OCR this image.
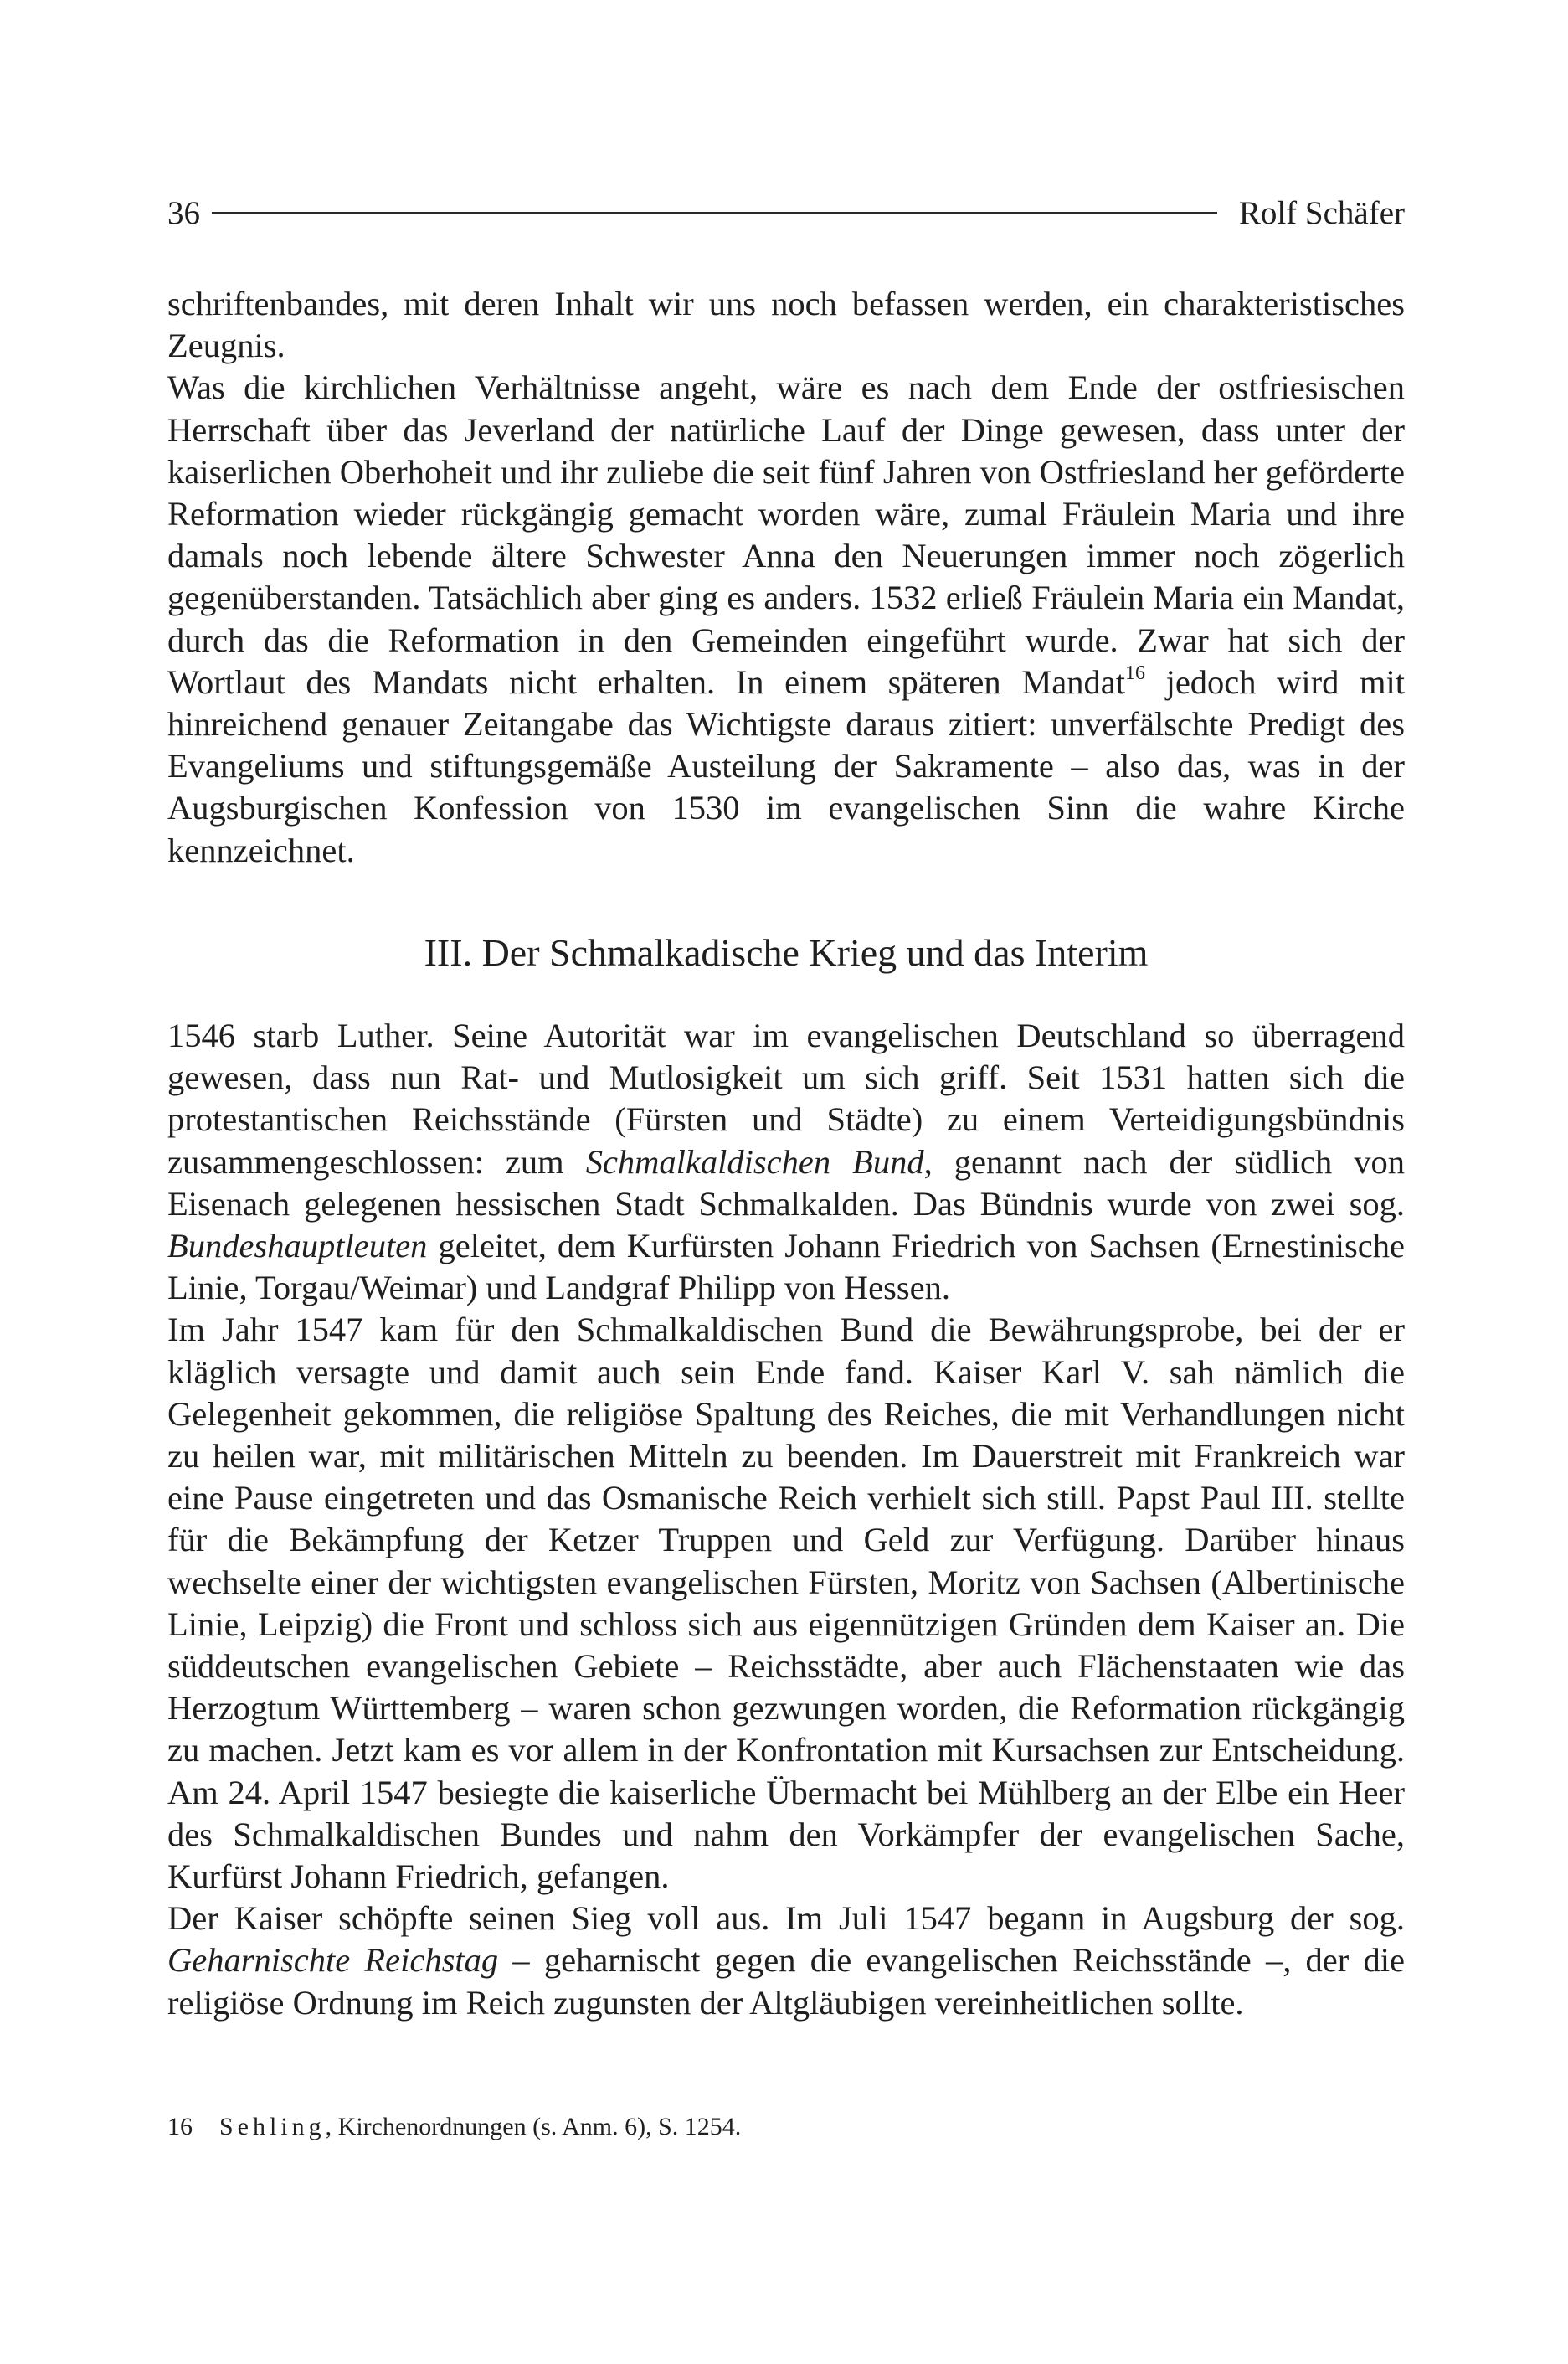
36	Rolf Schäfer

schriftenbandes, mit deren Inhalt wir uns noch befassen werden, ein charakteristisches Zeugnis.

Was die kirchlichen Verhältnisse angeht, wäre es nach dem Ende der ostfriesischen Herrschaft über das Jeverland der natürliche Lauf der Dinge gewesen, dass unter der kaiserlichen Oberhoheit und ihr zuliebe die seit fünf Jahren von Ostfriesland her geförderte Reformation wieder rückgängig gemacht worden wäre, zumal Fräulein Maria und ihre damals noch lebende ältere Schwester Anna den Neuerungen immer noch zögerlich gegenüberstanden. Tatsächlich aber ging es anders. 1532 erließ Fräulein Maria ein Mandat, durch das die Reformation in den Gemeinden eingeführt wurde. Zwar hat sich der Wortlaut des Mandats nicht erhalten. In einem späteren Mandat$^{16}$ jedoch wird mit hinreichend genauer Zeitangabe das Wichtigste daraus zitiert: unverfälschte Predigt des Evangeliums und stiftungsgemäße Austeilung der Sakramente – also das, was in der Augsburgischen Konfession von 1530 im evangelischen Sinn die wahre Kirche kennzeichnet.

III. Der Schmalkadische Krieg und das Interim

1546 starb Luther. Seine Autorität war im evangelischen Deutschland so überragend gewesen, dass nun Rat- und Mutlosigkeit um sich griff. Seit 1531 hatten sich die protestantischen Reichsstände (Fürsten und Städte) zu einem Verteidigungsbündnis zusammengeschlossen: zum Schmalkaldischen Bund, genannt nach der südlich von Eisenach gelegenen hessischen Stadt Schmalkalden. Das Bündnis wurde von zwei sog. Bundeshauptleuten geleitet, dem Kurfürsten Johann Friedrich von Sachsen (Ernestinische Linie, Torgau/Weimar) und Landgraf Philipp von Hessen.

Im Jahr 1547 kam für den Schmalkaldischen Bund die Bewährungsprobe, bei der er kläglich versagte und damit auch sein Ende fand. Kaiser Karl V. sah nämlich die Gelegenheit gekommen, die religiöse Spaltung des Reiches, die mit Verhandlungen nicht zu heilen war, mit militärischen Mitteln zu beenden. Im Dauerstreit mit Frankreich war eine Pause eingetreten und das Osmanische Reich verhielt sich still. Papst Paul III. stellte für die Bekämpfung der Ketzer Truppen und Geld zur Verfügung. Darüber hinaus wechselte einer der wichtigsten evangelischen Fürsten, Moritz von Sachsen (Albertinische Linie, Leipzig) die Front und schloss sich aus eigennützigen Gründen dem Kaiser an. Die süddeutschen evangelischen Gebiete – Reichsstädte, aber auch Flächenstaaten wie das Herzogtum Württemberg – waren schon gezwungen worden, die Reformation rückgängig zu machen. Jetzt kam es vor allem in der Konfrontation mit Kursachsen zur Entscheidung. Am 24. April 1547 besiegte die kaiserliche Übermacht bei Mühlberg an der Elbe ein Heer des Schmalkaldischen Bundes und nahm den Vorkämpfer der evangelischen Sache, Kurfürst Johann Friedrich, gefangen.

Der Kaiser schöpfte seinen Sieg voll aus. Im Juli 1547 begann in Augsburg der sog. Geharnischte Reichstag – geharnischt gegen die evangelischen Reichsstände –, der die religiöse Ordnung im Reich zugunsten der Altgläubigen vereinheitlichen sollte.

16 Sehling, Kirchenordnungen (s. Anm. 6), S. 1254.
